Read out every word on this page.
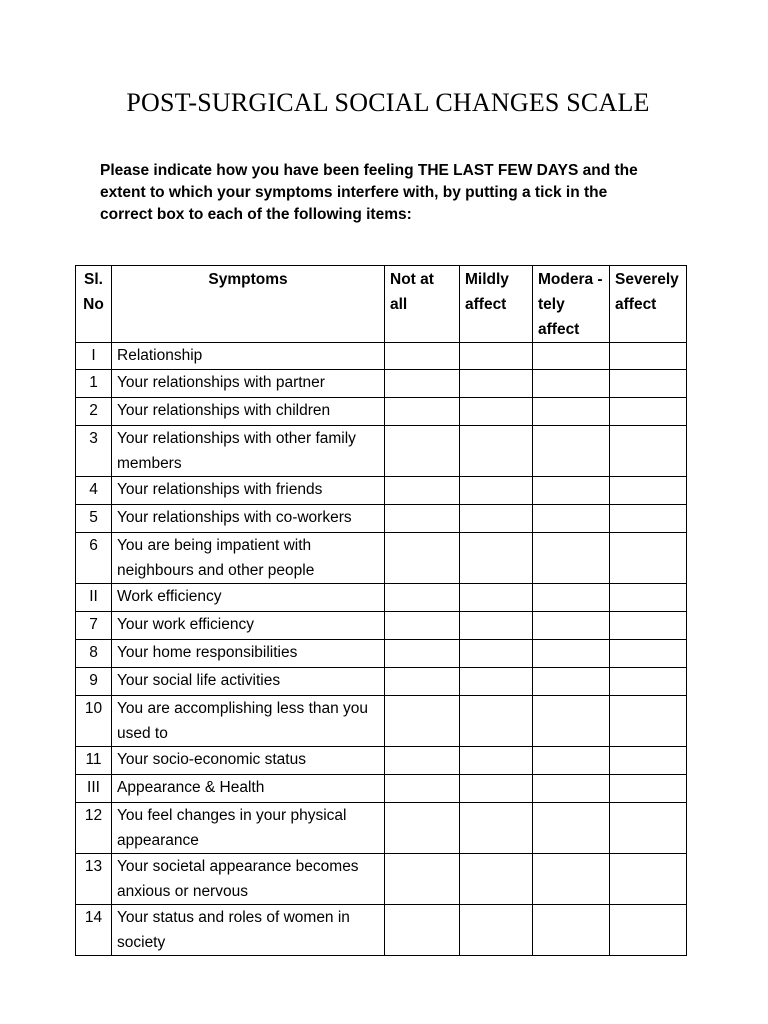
POST-SURGICAL SOCIAL CHANGES SCALE
Please indicate how you have been feeling THE LAST FEW DAYS and the extent to which your symptoms interfere with, by putting a tick in the correct box to each of the following items:
Sl. No	Symptoms	Not at all	Mildly affect	Modera -tely affect	Severely affect
I	Relationship				
1	Your relationships with partner				
2	Your relationships with children				
3	Your relationships with other family members				
4	Your relationships with friends				
5	Your relationships with co-workers				
6	You are being impatient with neighbours and other people				
II	Work efficiency				
7	Your work efficiency				
8	Your home responsibilities				
9	Your social life activities				
10	You are accomplishing less than you used to				
11	Your socio-economic status				
III	Appearance & Health				
12	You feel changes in your physical appearance				
13	Your societal appearance becomes anxious or nervous				
14	Your status and roles of women in society				
